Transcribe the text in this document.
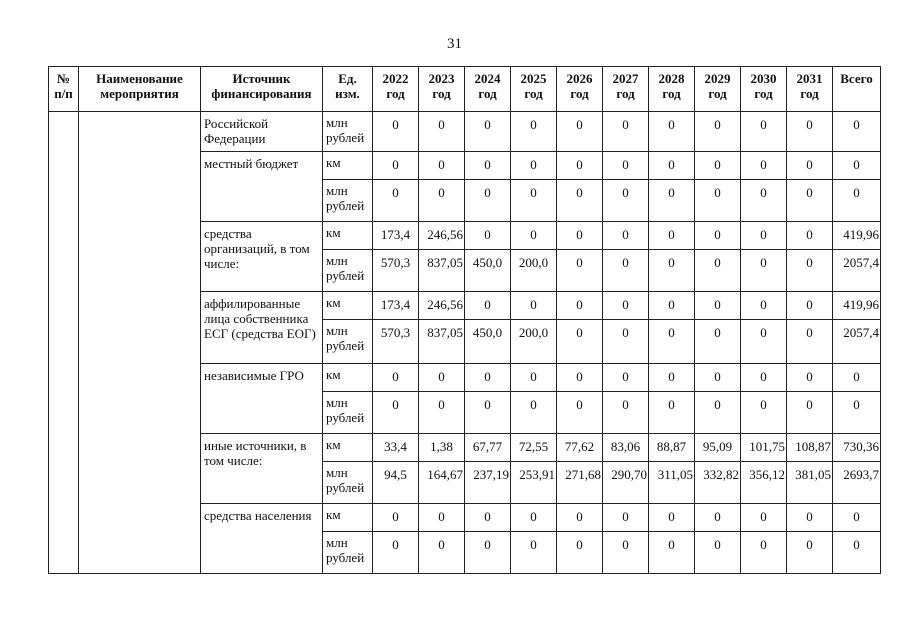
31
№ п/п	Наименование мероприятия	Источник финансирования	Ед. изм.	2022 год	2023 год	2024 год	2025 год	2026 год	2027 год	2028 год	2029 год	2030 год	2031 год	Всего
		Российской Федерации	млн рублей	0	0	0	0	0	0	0	0	0	0	0
		местный бюджет	км	0	0	0	0	0	0	0	0	0	0	0
			млн рублей	0	0	0	0	0	0	0	0	0	0	0
		средства организаций, в том числе:	км	173,4	246,56	0	0	0	0	0	0	0	0	419,96
			млн рублей	570,3	837,05	450,0	200,0	0	0	0	0	0	0	2057,4
		аффилированные лица собственника ЕСГ (средства ЕОГ)	км	173,4	246,56	0	0	0	0	0	0	0	0	419,96
			млн рублей	570,3	837,05	450,0	200,0	0	0	0	0	0	0	2057,4
		независимые ГРО	км	0	0	0	0	0	0	0	0	0	0	0
			млн рублей	0	0	0	0	0	0	0	0	0	0	0
		иные источники, в том числе:	км	33,4	1,38	67,77	72,55	77,62	83,06	88,87	95,09	101,75	108,87	730,36
			млн рублей	94,5	164,67	237,19	253,91	271,68	290,70	311,05	332,82	356,12	381,05	2693,7
		средства населения	км	0	0	0	0	0	0	0	0	0	0	0
			млн рублей	0	0	0	0	0	0	0	0	0	0	0
